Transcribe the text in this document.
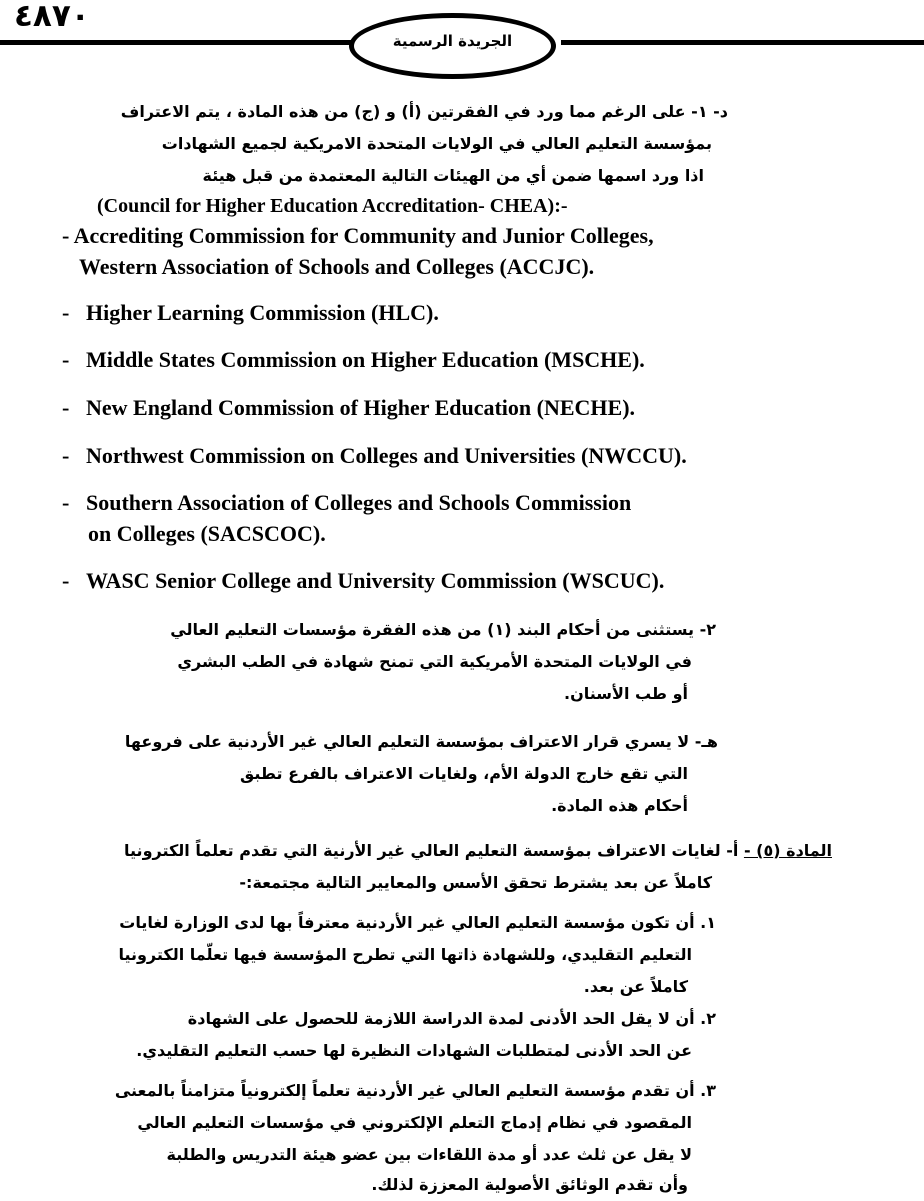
٤٨٧٠
الجريدة الرسمية

د- ١- على الرغم مما ورد في الفقرتين (أ) و (ج) من هذه المادة ، يتم الاعتراف

بمؤسسة التعليم العالي في الولايات المتحدة الامريكية لجميع الشهادات

اذا ورد اسمها ضمن أي من الهيئات التالية المعتمدة من قبل هيئة

(Council for Higher Education Accreditation- CHEA):-

- Accrediting Commission for Community and Junior Colleges,

Western Association of Schools and Colleges (ACCJC).

- Higher Learning Commission (HLC).

- Middle States Commission on Higher Education (MSCHE).

- New England Commission of Higher Education (NECHE).

- Northwest Commission on Colleges and Universities (NWCCU).

- Southern Association of Colleges and Schools Commission

on Colleges (SACSCOC).

- WASC Senior College and University Commission (WSCUC).

٢- يستثنى من أحكام البند (١) من هذه الفقرة مؤسسات التعليم العالي

في الولايات المتحدة الأمريكية التي تمنح شهادة في الطب البشري

أو طب الأسنان.

هـ- لا يسري قرار الاعتراف بمؤسسة التعليم العالي غير الأردنية على فروعها

التي تقع خارج الدولة الأم، ولغايات الاعتراف بالفرع تطبق

أحكام هذه المادة.

المادة (٥) - أ- لغايات الاعتراف بمؤسسة التعليم العالي غير الأرنية التي تقدم تعلماً الكترونيا

كاملاً عن بعد يشترط تحقق الأسس والمعايير التالية مجتمعة:-

١. أن تكون مؤسسة التعليم العالي غير الأردنية معترفاً بها لدى الوزارة لغايات

التعليم التقليدي، وللشهادة ذاتها التي تطرح المؤسسة فيها تعلّما الكترونيا

كاملاً عن بعد.

٢. أن لا يقل الحد الأدنى لمدة الدراسة اللازمة للحصول على الشهادة

عن الحد الأدنى لمتطلبات الشهادات النظيرة لها حسب التعليم التقليدي.

٣. أن تقدم مؤسسة التعليم العالي غير الأردنية تعلماً إلكترونياً متزامناً بالمعنى

المقصود في نظام إدماج التعلم الإلكتروني في مؤسسات التعليم العالي

لا يقل عن ثلث عدد أو مدة اللقاءات بين عضو هيئة التدريس والطلبة

وأن تقدم الوثائق الأصولية المعززة لذلك.
